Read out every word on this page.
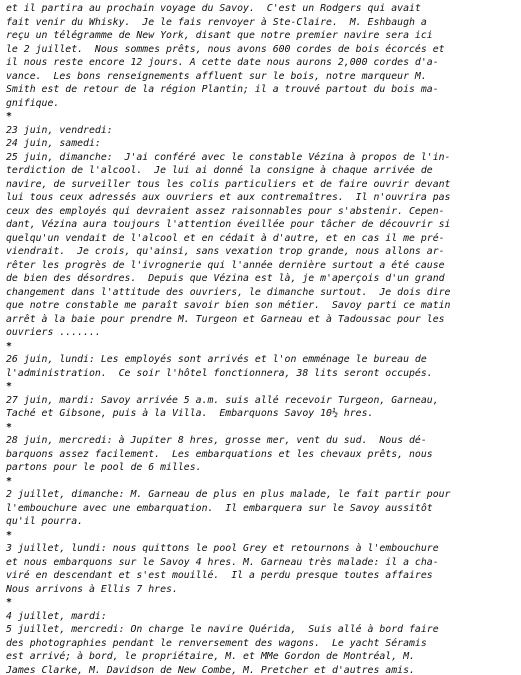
et il partira au prochain voyage du Savoy.  C'est un Rodgers qui avait
fait venir du Whisky.  Je le fais renvoyer à Ste-Claire.  M. Eshbaugh a
reçu un télégramme de New York, disant que notre premier navire sera ici
le 2 juillet.  Nous sommes prêts, nous avons 600 cordes de bois écorcés et
il nous reste encore 12 jours. A cette date nous aurons 2,000 cordes d'a-
vance.  Les bons renseignements affluent sur le bois, notre marqueur M.
Smith est de retour de la région Plantin; il a trouvé partout du bois ma-
gnifique.
*
23 juin, vendredi:
24 juin, samedi:
25 juin, dimanche:  J'ai conféré avec le constable Vézina à propos de l'in-
terdiction de l'alcool.  Je lui ai donné la consigne à chaque arrivée de
navire, de surveiller tous les colis particuliers et de faire ouvrir devant
lui tous ceux adressés aux ouvriers et aux contremaîtres.  Il n'ouvrira pas
ceux des employés qui devraient assez raisonnables pour s'abstenir. Cepen-
dant, Vézina aura toujours l'attention éveillée pour tâcher de découvrir si
quelqu'un vendait de l'alcool et en cédait à d'autre, et en cas il me pré-
viendrait.  Je crois, qu'ainsi, sans vexation trop grande, nous allons ar-
rêter les progrès de l'ivrognerie qui l'année dernière surtout a été cause
de bien des désordres.  Depuis que Vézina est là, je m'aperçois d'un grand
changement dans l'attitude des ouvriers, le dimanche surtout.  Je dois dire
que notre constable me paraît savoir bien son métier.  Savoy parti ce matin
arrêt à la baie pour prendre M. Turgeon et Garneau et à Tadoussac pour les
ouvriers .......
*
26 juin, lundi: Les employés sont arrivés et l'on emménage le bureau de
l'administration.  Ce soir l'hôtel fonctionnera, 38 lits seront occupés.
*
27 juin, mardi: Savoy arrivée 5 a.m. suis allé recevoir Turgeon, Garneau,
Taché et Gibsone, puis à la Villa.  Embarquons Savoy 10½ hres.
*
28 juin, mercredi: à Jupiter 8 hres, grosse mer, vent du sud.  Nous dé-
barquons assez facilement.  Les embarquations et les chevaux prêts, nous
partons pour le pool de 6 milles.
*
2 juillet, dimanche: M. Garneau de plus en plus malade, le fait partir pour
l'embouchure avec une embarquation.  Il embarquera sur le Savoy aussitôt
qu'il pourra.
*
3 juillet, lundi: nous quittons le pool Grey et retournons à l'embouchure
et nous embarquons sur le Savoy 4 hres. M. Garneau très malade: il a cha-
viré en descendant et s'est mouillé.  Il a perdu presque toutes affaires
Nous arrivons à Ellis 7 hres.
*
4 juillet, mardi:
5 juillet, mercredi: On charge le navire Quérida,  Suis allé à bord faire
des photographies pendant le renversement des wagons.  Le yacht Séramis
est arrivé; à bord, le propriétaire, M. et MMe Gordon de Montréal, M.
James Clarke, M. Davidson de New Combe, M. Pretcher et d'autres amis.
